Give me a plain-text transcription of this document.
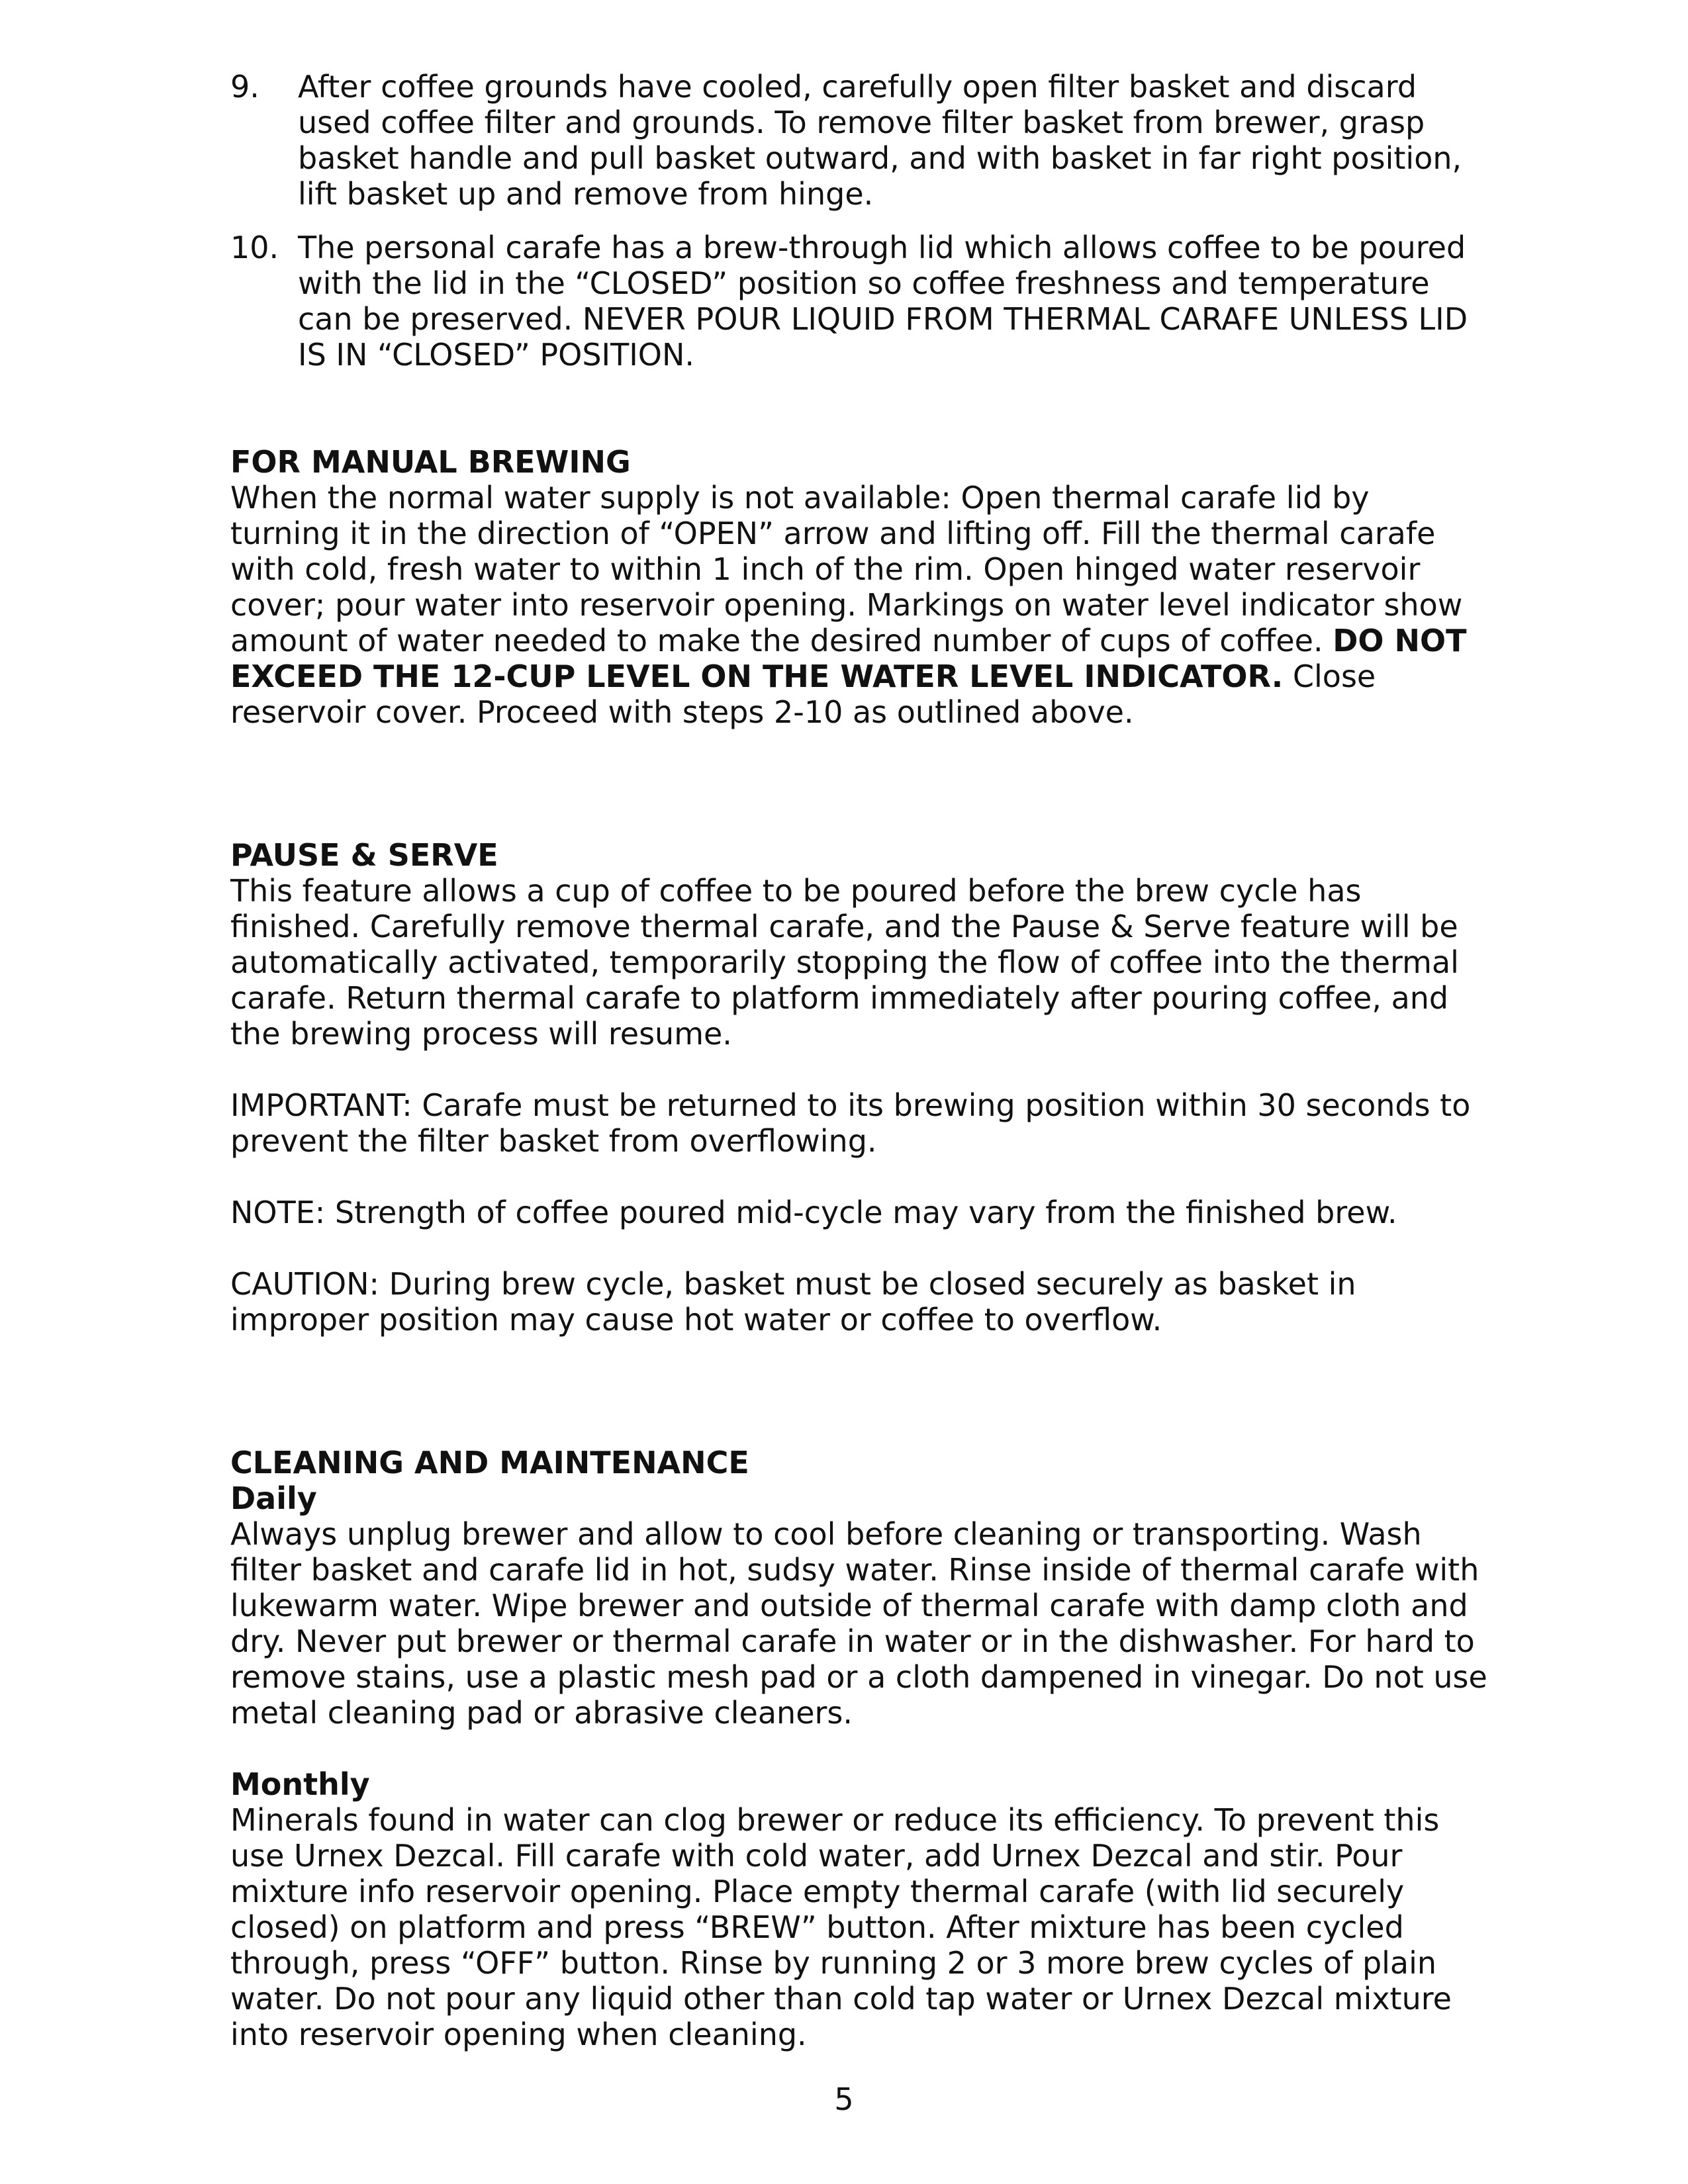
9. After coffee grounds have cooled, carefully open filter basket and discard used coffee filter and grounds. To remove filter basket from brewer, grasp basket handle and pull basket outward, and with basket in far right position, lift basket up and remove from hinge.
10. The personal carafe has a brew-through lid which allows coffee to be poured with the lid in the “CLOSED” position so coffee freshness and temperature can be preserved. NEVER POUR LIQUID FROM THERMAL CARAFE UNLESS LID IS IN “CLOSED” POSITION.
FOR MANUAL BREWING

When the normal water supply is not available: Open thermal carafe lid by turning it in the direction of “OPEN” arrow and lifting off. Fill the thermal carafe with cold, fresh water to within 1 inch of the rim. Open hinged water reservoir cover; pour water into reservoir opening. Markings on water level indicator show amount of water needed to make the desired number of cups of coffee. DO NOT EXCEED THE 12-CUP LEVEL ON THE WATER LEVEL INDICATOR. Close reservoir cover. Proceed with steps 2-10 as outlined above.

PAUSE & SERVE

This feature allows a cup of coffee to be poured before the brew cycle has finished. Carefully remove thermal carafe, and the Pause & Serve feature will be automatically activated, temporarily stopping the flow of coffee into the thermal carafe. Return thermal carafe to platform immediately after pouring coffee, and the brewing process will resume.

IMPORTANT: Carafe must be returned to its brewing position within 30 seconds to prevent the filter basket from overflowing.

NOTE: Strength of coffee poured mid-cycle may vary from the finished brew.

CAUTION: During brew cycle, basket must be closed securely as basket in improper position may cause hot water or coffee to overflow.

CLEANING AND MAINTENANCE
Daily

Always unplug brewer and allow to cool before cleaning or transporting. Wash filter basket and carafe lid in hot, sudsy water. Rinse inside of thermal carafe with lukewarm water. Wipe brewer and outside of thermal carafe with damp cloth and dry. Never put brewer or thermal carafe in water or in the dishwasher. For hard to remove stains, use a plastic mesh pad or a cloth dampened in vinegar. Do not use metal cleaning pad or abrasive cleaners.

Monthly

Minerals found in water can clog brewer or reduce its efficiency. To prevent this use Urnex Dezcal. Fill carafe with cold water, add Urnex Dezcal and stir. Pour mixture info reservoir opening. Place empty thermal carafe (with lid securely closed) on platform and press “BREW” button. After mixture has been cycled through, press “OFF” button. Rinse by running 2 or 3 more brew cycles of plain water. Do not pour any liquid other than cold tap water or Urnex Dezcal mixture into reservoir opening when cleaning.

5
